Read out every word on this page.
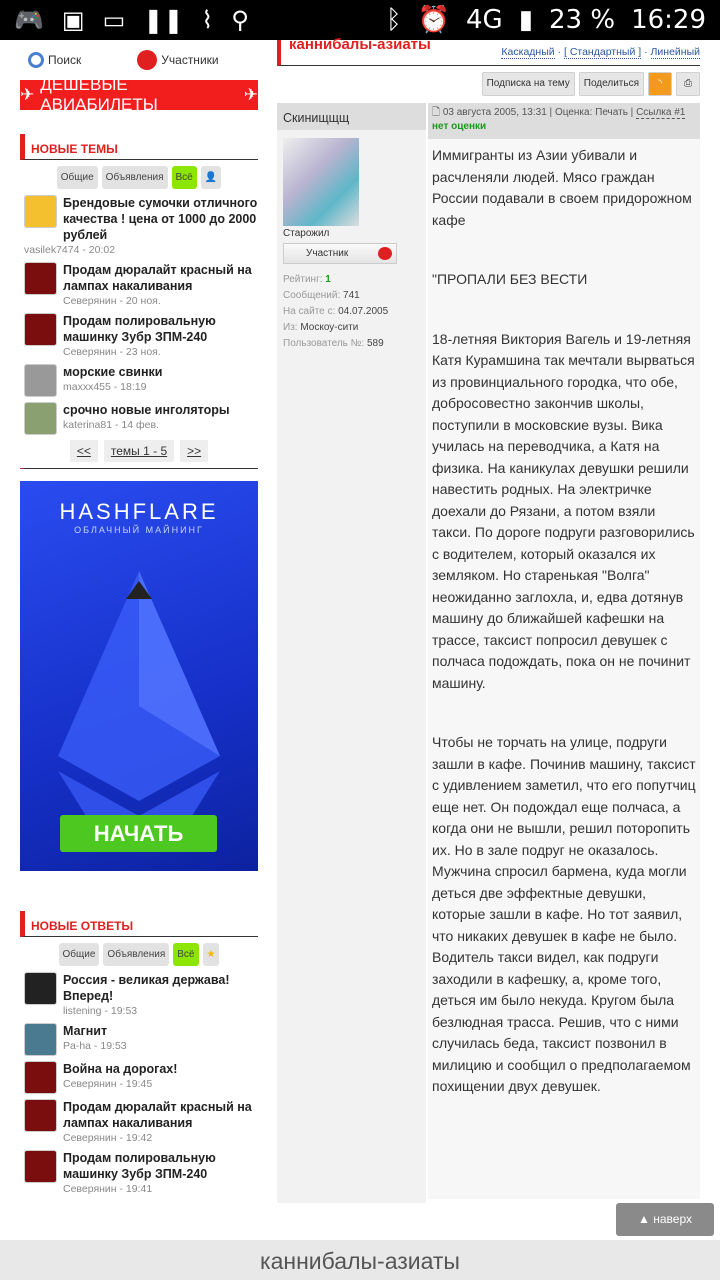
🎮 ▣ ▭ ❚❚ ⌇ ⚲	ᛒ ⏰ 4G ▮ 23 % 16:29
Поиск	Участники
✈
ДЕШЁВЫЕ АВИАБИЛЕТЫ
✈
НОВЫЕ ТЕМЫ
Общие	Объявления	Всё	👤
Брендовые сумочки отличного качества ! цена от 1000 до 2000 рублей
vasilek7474 - 20:02
Продам дюралайт красный на лампах накаливания
Северянин - 20 ноя.
Продам полировальную машинку Зубр ЗПМ-240
Северянин - 23 ноя.
морские свинки
maxxx455 - 18:19
срочно новые инголяторы
katerina81 - 14 фев.
<<	темы 1 - 5	>>
HASHFLARE
ОБЛАЧНЫЙ МАЙНИНГ
НАЧАТЬ
НОВЫЕ ОТВЕТЫ
Общие	Объявления	Всё	★
Россия - великая держава! Вперед!
listening - 19:53
Магнит
Pa-ha - 19:53
Война на дорогах!
Северянин - 19:45
Продам дюралайт красный на лампах накаливания
Северянин - 19:42
Продам полировальную машинку Зубр ЗПМ-240
Северянин - 19:41
каннибалы-азиаты	Каскадный · [ Стандартный ] · Линейный
Подписка на тему	Поделиться	◝	⎙
Скинищщщ
Старожил
Участник
Рейтинг: 1
Сообщений: 741
На сайте с: 04.07.2005
Из: Москоу-сити
Пользователь №: 589
🗋 03 августа 2005, 13:31 | Оценка: Печать | Ссылка #1
нет оценки

Иммигранты из Азии убивали и расчленяли людей. Мясо граждан России подавали в своем придорожном кафе

"ПРОПАЛИ БЕЗ ВЕСТИ

18-летняя Виктория Вагель и 19-летняя Катя Курамшина так мечтали вырваться из провинциального городка, что обе, добросовестно закончив школы, поступили в московские вузы. Вика училась на переводчика, а Катя на физика. На каникулах девушки решили навестить родных. На электричке доехали до Рязани, а потом взяли такси. По дороге подруги разговорились с водителем, который оказался их земляком. Но старенькая "Волга" неожиданно заглохла, и, едва дотянув машину до ближайшей кафешки на трассе, таксист попросил девушек с полчаса подождать, пока он не починит машину.

Чтобы не торчать на улице, подруги зашли в кафе. Починив машину, таксист с удивлением заметил, что его попутчиц еще нет. Он подождал еще полчаса, а когда они не вышли, решил поторопить их. Но в зале подруг не оказалось. Мужчина спросил бармена, куда могли деться две эффектные девушки, которые зашли в кафе. Но тот заявил, что никаких девушек в кафе не было. Водитель такси видел, как подруги заходили в кафешку, а, кроме того, деться им было некуда. Кругом была безлюдная трасса. Решив, что с ними случилась беда, таксист позвонил в милицию и сообщил о предполагаемом похищении двух девушек.

▲ наверх
каннибалы-азиаты
